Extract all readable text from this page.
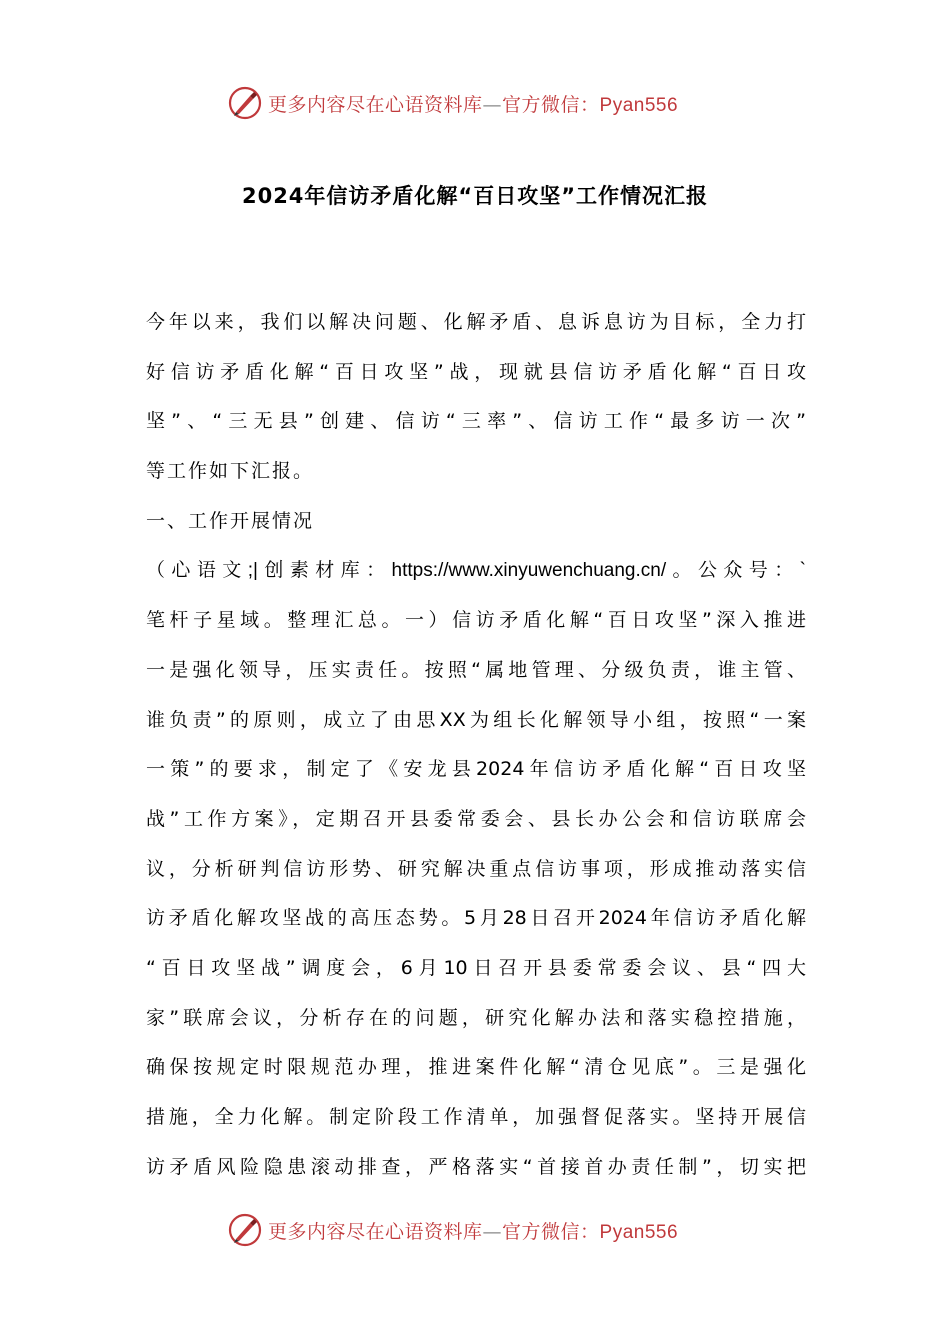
更多内容尽在心语资料库—官方微信：Pyan556
2024年信访矛盾化解“百日攻坚”工作情况汇报
今年以来，我们以解决问题、化解矛盾、息诉息访为目标，全力打
好信访矛盾化解“百日攻坚”战，现就县信访矛盾化解“百日攻
坚”、“三无县”创建、信访“三率”、信访工作“最多访一次”
等工作如下汇报。
一、工作开展情况
（心语文;|创素材库：https://www.xinyuwenchuang.cn/。公众号：`
笔杆子星域。整理汇总。一）信访矛盾化解“百日攻坚”深入推进
一是强化领导，压实责任。按照“属地管理、分级负责，谁主管、
谁负责”的原则，成立了由思XX为组长化解领导小组，按照“一案
一策”的要求，制定了《安龙县2024年信访矛盾化解“百日攻坚
战”工作方案》，定期召开县委常委会、县长办公会和信访联席会
议，分析研判信访形势、研究解决重点信访事项，形成推动落实信
访矛盾化解攻坚战的高压态势。5月28日召开2024年信访矛盾化解
“百日攻坚战”调度会，6月10日召开县委常委会议、县“四大
家”联席会议，分析存在的问题，研究化解办法和落实稳控措施，
确保按规定时限规范办理，推进案件化解“清仓见底”。三是强化
措施，全力化解。制定阶段工作清单，加强督促落实。坚持开展信
访矛盾风险隐患滚动排查，严格落实“首接首办责任制”，切实把
更多内容尽在心语资料库—官方微信：Pyan556
